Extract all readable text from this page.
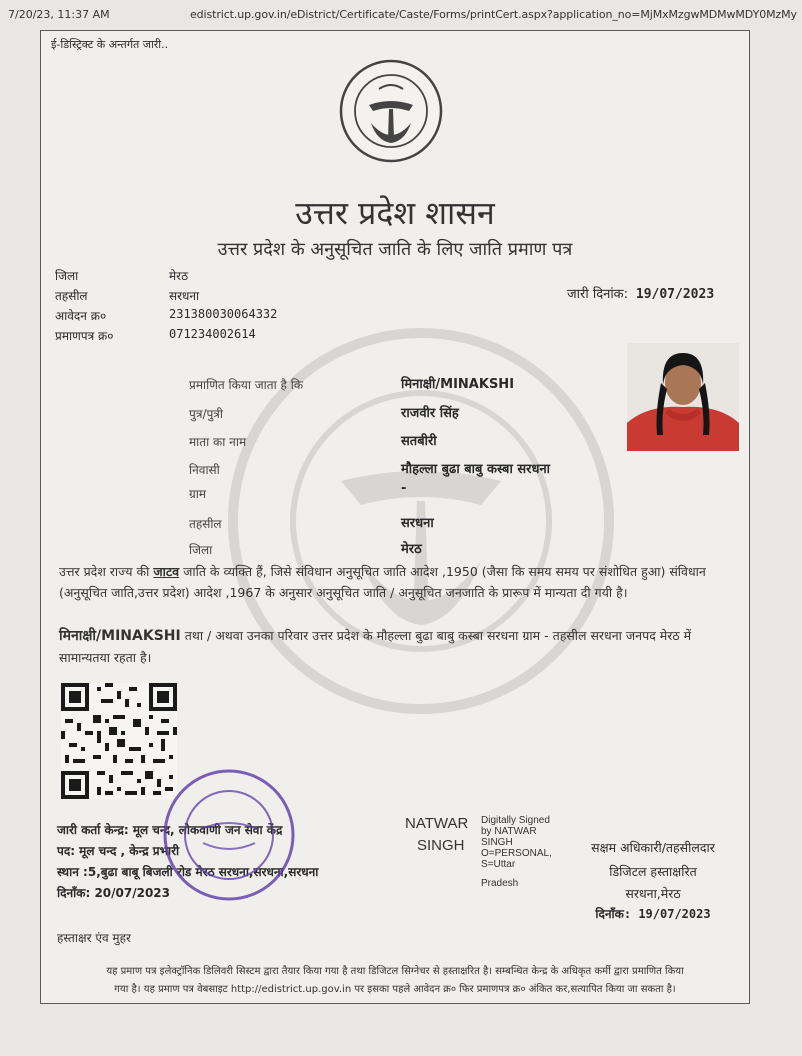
7/20/23, 11:37 AM	edistrict.up.gov.in/eDistrict/Certificate/Caste/Forms/printCert.aspx?application_no=MjMxMzgwMDMwMDY0MzMy
ई-डिस्ट्रिक्ट के अन्तर्गत जारी..
उत्तर प्रदेश शासन
उत्तर प्रदेश के अनुसूचित जाति के लिए जाति प्रमाण पत्र
जिला	मेरठ
तहसील	सरधना
आवेदन क्र०	231380030064332
प्रमाणपत्र क्र०	071234002614
जारी दिनांक: 19/07/2023
प्रमाणित किया जाता है कि	मिनाक्षी/MINAKSHI
पुत्र/पुत्री	राजवीर सिंह
माता का नाम	सतबीरी
निवासी	मौहल्ला बुढा बाबु कस्बा सरधना
ग्राम	-
तहसील	सरधना
जिला	मेरठ
उत्तर प्रदेश राज्य की जाटव जाति के व्यक्ति हैं, जिसे संविधान अनुसूचित जाति आदेश ,1950 (जैसा कि समय समय पर संशोधित हुआ) संविधान (अनुसूचित जाति,उत्तर प्रदेश) आदेश ,1967 के अनुसार अनुसूचित जाति / अनुसूचित जनजाति के प्रारूप में मान्यता दी गयी है।
मिनाक्षी/MINAKSHI तथा / अथवा उनका परिवार उत्तर प्रदेश के मौहल्ला बुढा बाबु कस्बा सरधना ग्राम - तहसील सरधना जनपद मेरठ में सामान्यतया रहता है।
जारी कर्ता केन्द्र: मूल चन्द, लोकवाणी जन सेवा केंद्र
पद: मूल चन्द , केन्द्र प्रभारी
स्थान :5,बुढा बाबू बिजली रोड मेरठ सरधना,सरधना,सरधना
दिनाँक: 20/07/2023
NATWAR
SINGH
Digitally Signed
by NATWAR
SINGH
O=PERSONAL,
S=Uttar
Pradesh
सक्षम अधिकारी/तहसीलदार
डिजिटल हस्ताक्षरित
सरधना,मेरठ
दिनाँक: 19/07/2023
हस्ताक्षर एंव मुहर
यह प्रमाण पत्र इलेक्ट्रॉनिक डिलिवरी सिस्टम द्वारा तैयार किया गया है तथा डिजिटल सिग्नेचर से हस्ताक्षरित है। सम्बन्धित केन्द्र के अधिकृत कर्मी द्वारा प्रमाणित किया
गया है। यह प्रमाण पत्र वेबसाइट http://edistrict.up.gov.in पर इसका पहले आवेदन क्र० फिर प्रमाणपत्र क्र० अंकित कर,सत्यापित किया जा सकता है।
